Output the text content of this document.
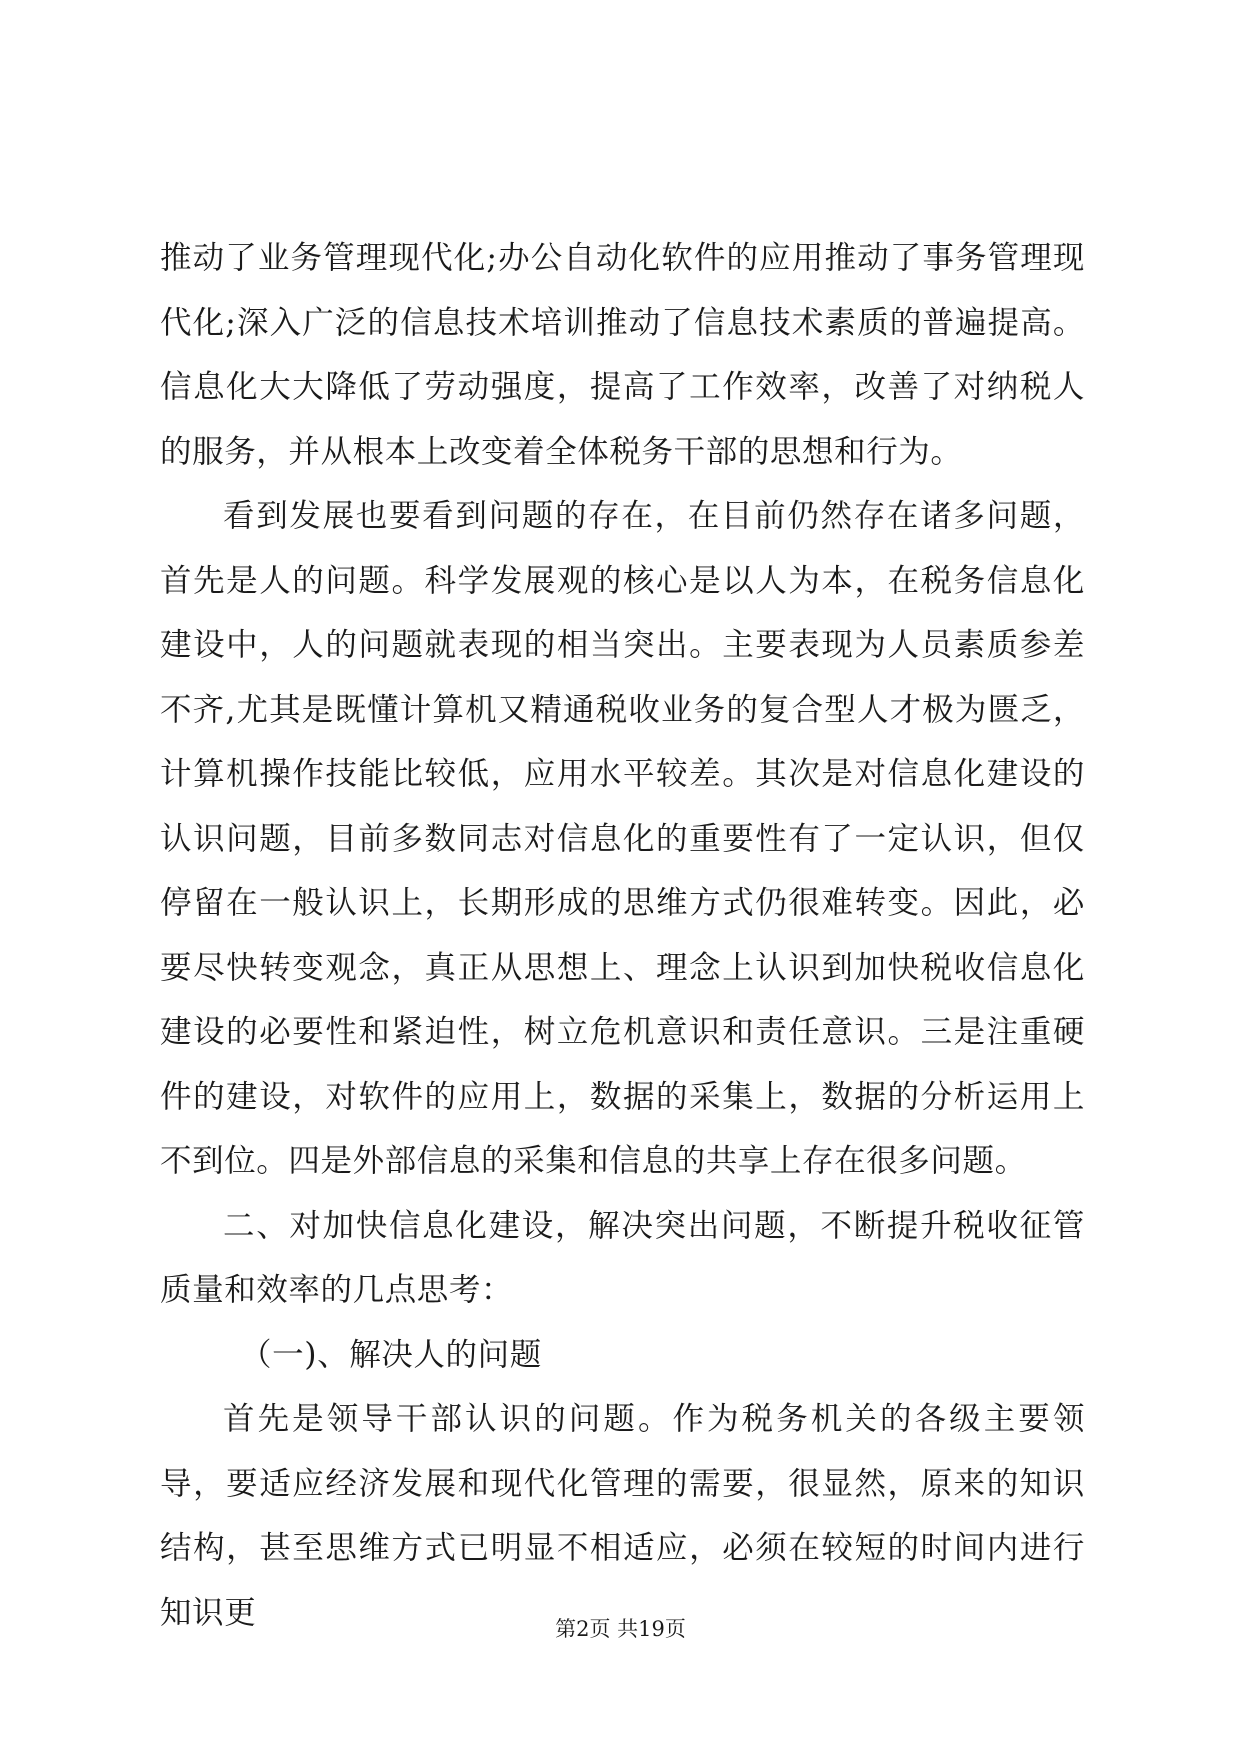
推动了业务管理现代化;办公自动化软件的应用推动了事务管理现代化;深入广泛的信息技术培训推动了信息技术素质的普遍提高。信息化大大降低了劳动强度，提高了工作效率，改善了对纳税人的服务，并从根本上改变着全体税务干部的思想和行为。

看到发展也要看到问题的存在，在目前仍然存在诸多问题，首先是人的问题。科学发展观的核心是以人为本，在税务信息化建设中，人的问题就表现的相当突出。主要表现为人员素质参差不齐,尤其是既懂计算机又精通税收业务的复合型人才极为匮乏，计算机操作技能比较低，应用水平较差。其次是对信息化建设的认识问题，目前多数同志对信息化的重要性有了一定认识，但仅停留在一般认识上，长期形成的思维方式仍很难转变。因此，必要尽快转变观念，真正从思想上、理念上认识到加快税收信息化建设的必要性和紧迫性，树立危机意识和责任意识。三是注重硬件的建设，对软件的应用上，数据的采集上，数据的分析运用上不到位。四是外部信息的采集和信息的共享上存在很多问题。

二、对加快信息化建设，解决突出问题，不断提升税收征管质量和效率的几点思考：

（一)、解决人的问题

首先是领导干部认识的问题。作为税务机关的各级主要领导，要适应经济发展和现代化管理的需要，很显然，原来的知识结构，甚至思维方式已明显不相适应，必须在较短的时间内进行知识更	第2页 共19页
